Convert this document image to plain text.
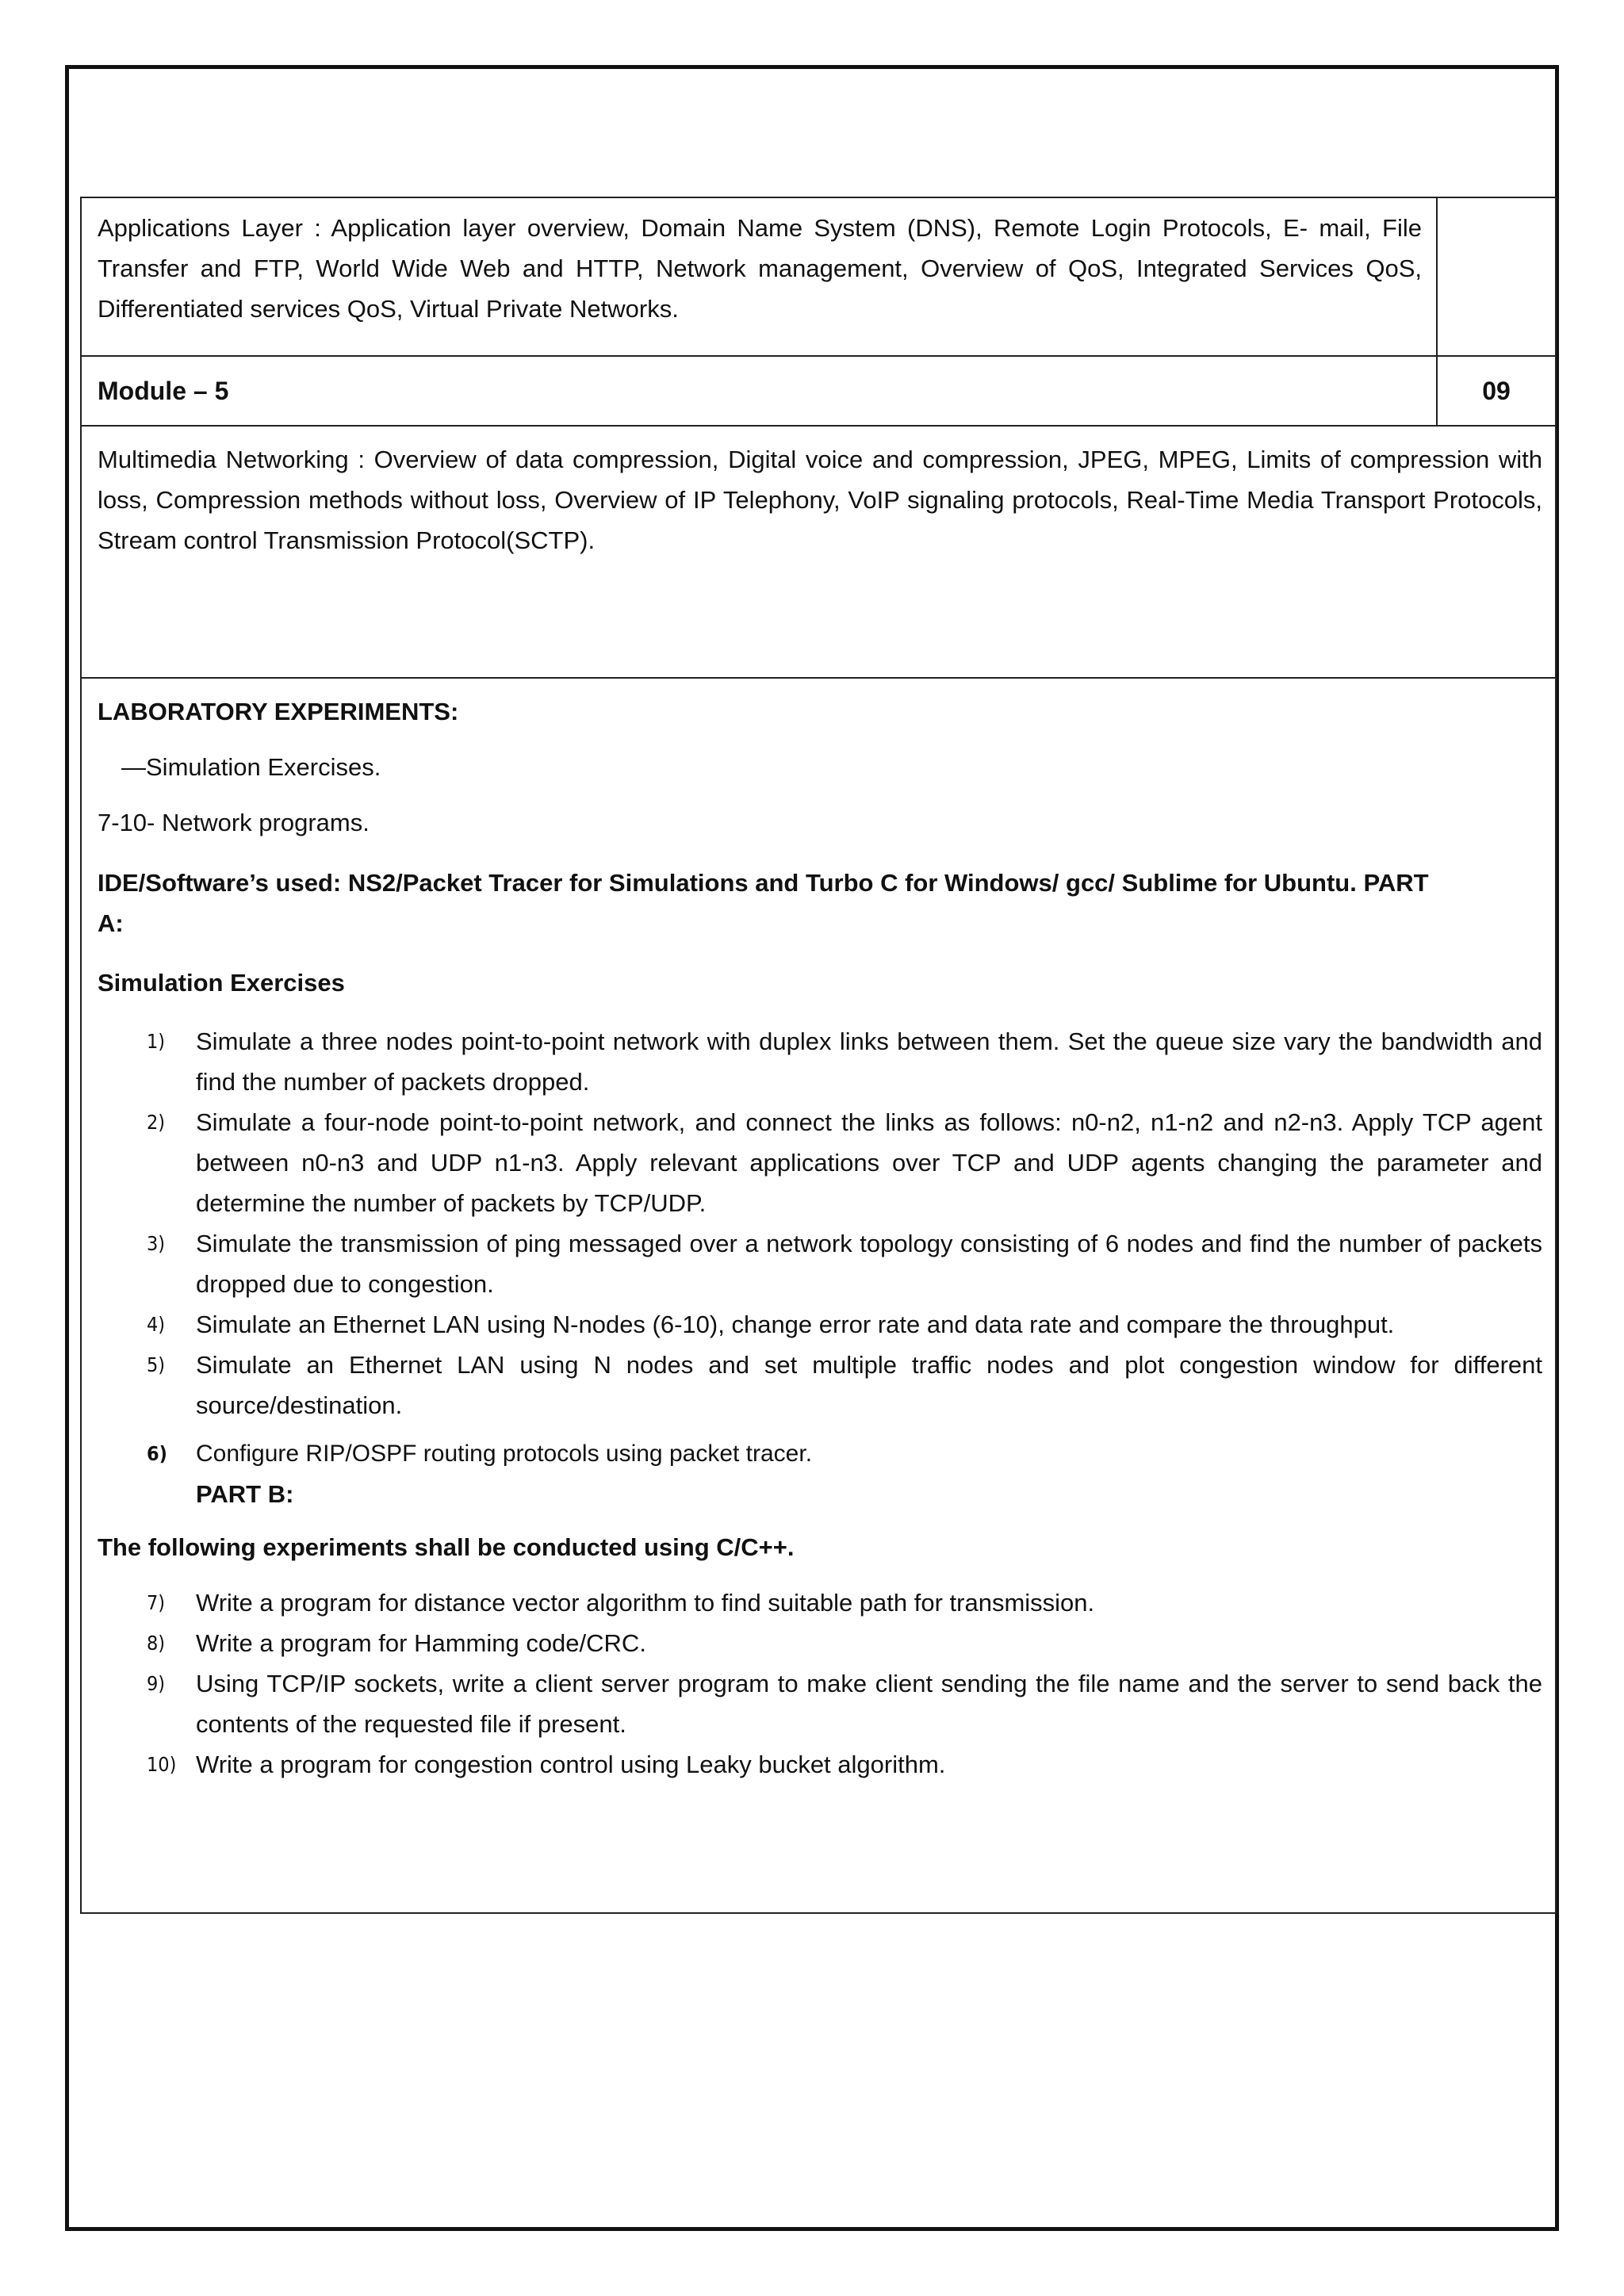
Applications Layer : Application layer overview, Domain Name System (DNS), Remote Login Protocols, E- mail, File Transfer and FTP, World Wide Web and HTTP, Network management, Overview of QoS, Integrated Services QoS, Differentiated services QoS, Virtual Private Networks.

Module – 5	09

Multimedia Networking : Overview of data compression, Digital voice and compression, JPEG, MPEG, Limits of compression with loss, Compression methods without loss, Overview of IP Telephony, VoIP signaling protocols, Real-Time Media Transport Protocols, Stream control Transmission Protocol(SCTP).

LABORATORY EXPERIMENTS:

—Simulation Exercises.

7-10- Network programs.

IDE/Software’s used: NS2/Packet Tracer for Simulations and Turbo C for Windows/ gcc/ Sublime for Ubuntu. PART

A:

Simulation Exercises

1)	Simulate a three nodes point-to-point network with duplex links between them. Set the queue size vary the bandwidth and find the number of packets dropped.
2)	Simulate a four-node point-to-point network, and connect the links as follows: n0-n2, n1-n2 and n2-n3. Apply TCP agent between n0-n3 and UDP n1-n3. Apply relevant applications over TCP and UDP agents changing the parameter and determine the number of packets by TCP/UDP.
3)	Simulate the transmission of ping messaged over a network topology consisting of 6 nodes and find the number of packets dropped due to congestion.
4)	Simulate an Ethernet LAN using N-nodes (6-10), change error rate and data rate and compare the throughput.
5)	Simulate an Ethernet LAN using N nodes and set multiple traffic nodes and plot congestion window for different source/destination.
6)	Configure RIP/OSPF routing protocols using packet tracer.

PART B:

The following experiments shall be conducted using C/C++.

7)	Write a program for distance vector algorithm to find suitable path for transmission.
8)	Write a program for Hamming code/CRC.
9)	Using TCP/IP sockets, write a client server program to make client sending the file name and the server to send back the contents of the requested file if present.
10) Write a program for congestion control using Leaky bucket algorithm.
